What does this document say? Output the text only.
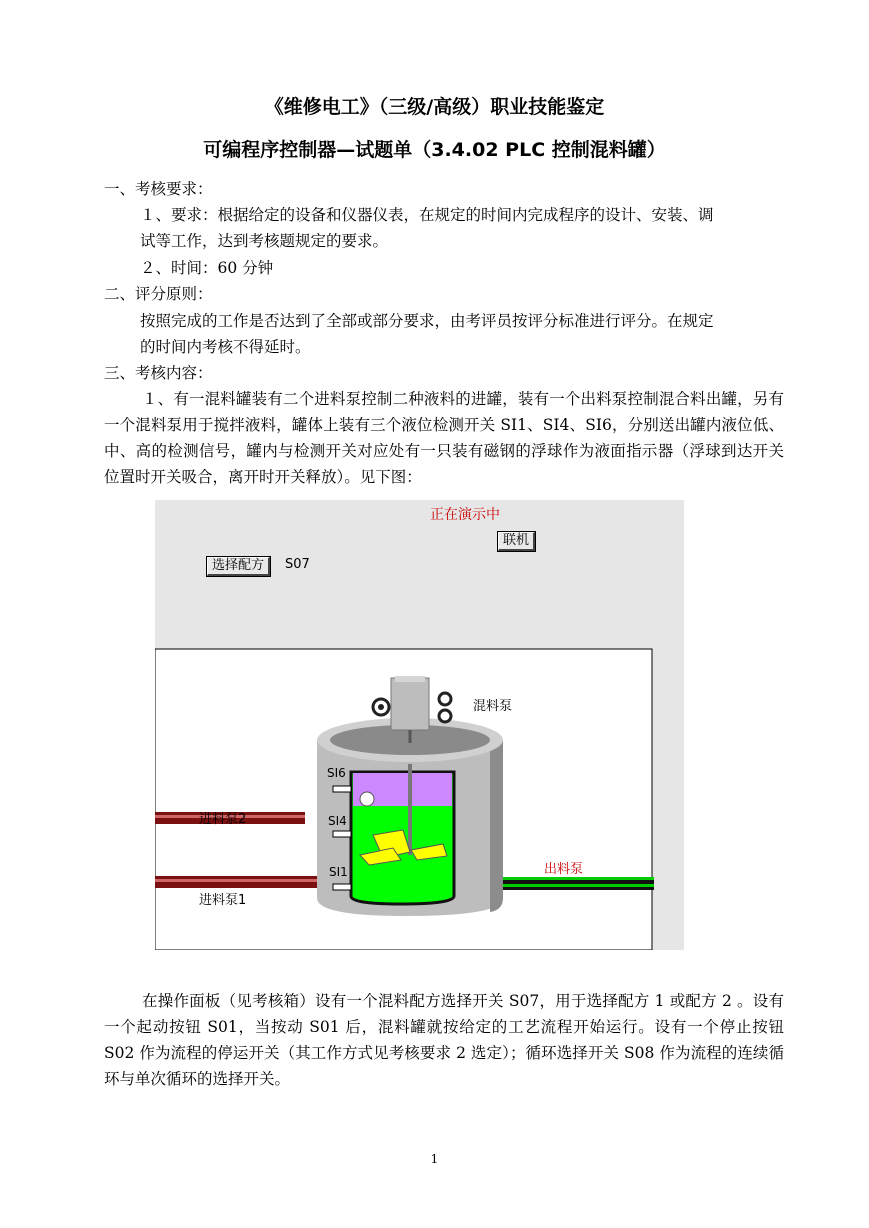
《维修电工》（三级/高级）职业技能鉴定
可编程序控制器—试题单（3.4.02 PLC 控制混料罐）
一、考核要求：
１、要求：根据给定的设备和仪器仪表，在规定的时间内完成程序的设计、安装、调
试等工作，达到考核题规定的要求。
２、时间：60 分钟
二、评分原则：
按照完成的工作是否达到了全部或部分要求，由考评员按评分标准进行评分。在规定
的时间内考核不得延时。
三、考核内容：
１、有一混料罐装有二个进料泵控制二种液料的进罐，装有一个出料泵控制混合料出罐，另有一个混料泵用于搅拌液料，罐体上装有三个液位检测开关 SI1、SI4、SI6，分别送出罐内液位低、中、高的检测信号，罐内与检测开关对应处有一只装有磁钢的浮球作为液面指示器（浮球到达开关位置时开关吸合，离开时开关释放）。见下图：
正在演示中
联机
选择配方	S07
混料泵
SI6
SI4
SI1
进料泵2
进料泵1
出料泵
在操作面板（见考核箱）设有一个混料配方选择开关 S07，用于选择配方 1 或配方 2 。设有一个起动按钮 S01，当按动 S01 后，混料罐就按给定的工艺流程开始运行。设有一个停止按钮 S02 作为流程的停运开关（其工作方式见考核要求 2 选定）；循环选择开关 S08 作为流程的连续循环与单次循环的选择开关。
1
